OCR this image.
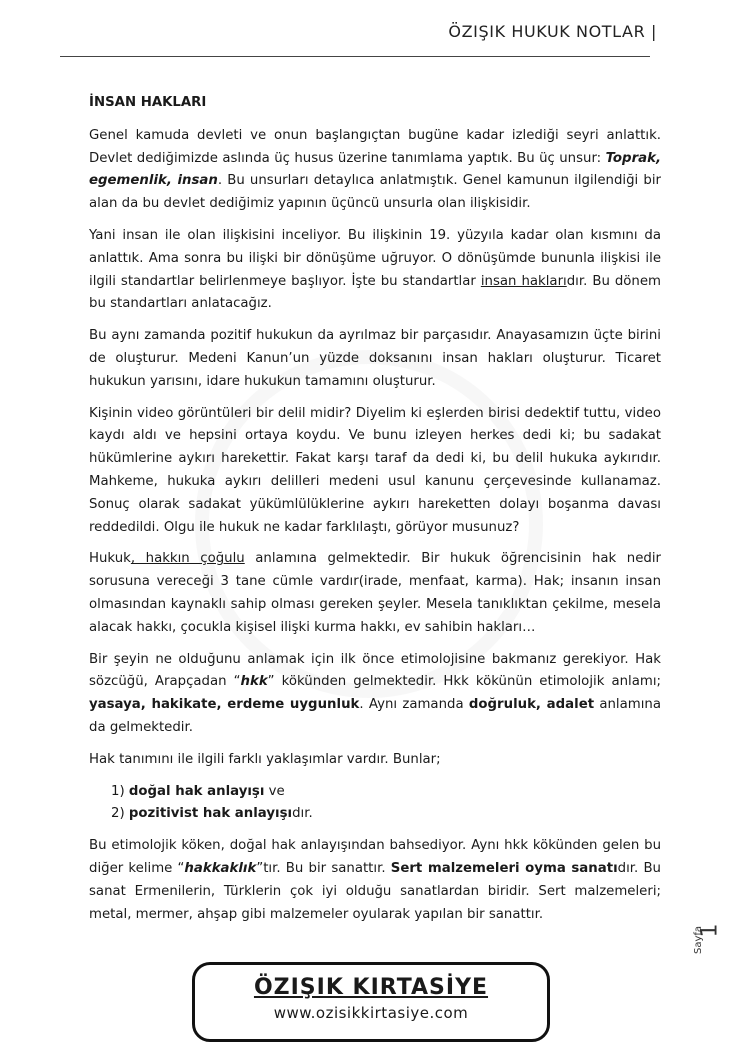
ÖZIŞIK HUKUK NOTLAR |

İNSAN HAKLARI

Genel kamuda devleti ve onun başlangıçtan bugüne kadar izlediği seyri anlattık. Devlet dediğimizde aslında üç husus üzerine tanımlama yaptık. Bu üç unsur: Toprak, egemenlik, insan. Bu unsurları detaylıca anlatmıştık. Genel kamunun ilgilendiği bir alan da bu devlet dediğimiz yapının üçüncü unsurla olan ilişkisidir.

Yani insan ile olan ilişkisini inceliyor. Bu ilişkinin 19. yüzyıla kadar olan kısmını da anlattık. Ama sonra bu ilişki bir dönüşüme uğruyor. O dönüşümde bununla ilişkisi ile ilgili standartlar belirlenmeye başlıyor. İşte bu standartlar insan haklarıdır. Bu dönem bu standartları anlatacağız.

Bu aynı zamanda pozitif hukukun da ayrılmaz bir parçasıdır. Anayasamızın üçte birini de oluşturur. Medeni Kanun’un yüzde doksanını insan hakları oluşturur. Ticaret hukukun yarısını, idare hukukun tamamını oluşturur.

Kişinin video görüntüleri bir delil midir? Diyelim ki eşlerden birisi dedektif tuttu, video kaydı aldı ve hepsini ortaya koydu. Ve bunu izleyen herkes dedi ki; bu sadakat hükümlerine aykırı harekettir. Fakat karşı taraf da dedi ki, bu delil hukuka aykırıdır. Mahkeme, hukuka aykırı delilleri medeni usul kanunu çerçevesinde kullanamaz. Sonuç olarak sadakat yükümlülüklerine aykırı hareketten dolayı boşanma davası reddedildi. Olgu ile hukuk ne kadar farklılaştı, görüyor musunuz?

Hukuk, hakkın çoğulu anlamına gelmektedir. Bir hukuk öğrencisinin hak nedir sorusuna vereceği 3 tane cümle vardır(irade, menfaat, karma). Hak; insanın insan olmasından kaynaklı sahip olması gereken şeyler. Mesela tanıklıktan çekilme, mesela alacak hakkı, çocukla kişisel ilişki kurma hakkı, ev sahibin hakları…

Bir şeyin ne olduğunu anlamak için ilk önce etimolojisine bakmanız gerekiyor. Hak sözcüğü, Arapçadan “hkk” kökünden gelmektedir. Hkk kökünün etimolojik anlamı; yasaya, hakikate, erdeme uygunluk. Aynı zamanda doğruluk, adalet anlamına da gelmektedir.

Hak tanımını ile ilgili farklı yaklaşımlar vardır. Bunlar;

1) doğal hak anlayışı ve
2) pozitivist hak anlayışıdır.

Bu etimolojik köken, doğal hak anlayışından bahsediyor. Aynı hkk kökünden gelen bu diğer kelime “hakkaklık”tır. Bu bir sanattır. Sert malzemeleri oyma sanatıdır. Bu sanat Ermenilerin, Türklerin çok iyi olduğu sanatlardan biridir. Sert malzemeleri; metal, mermer, ahşap gibi malzemeler oyularak yapılan bir sanattır.

Sayfa
1
ÖZIŞIK KIRTASİYE
www.ozisikkirtasiye.com
